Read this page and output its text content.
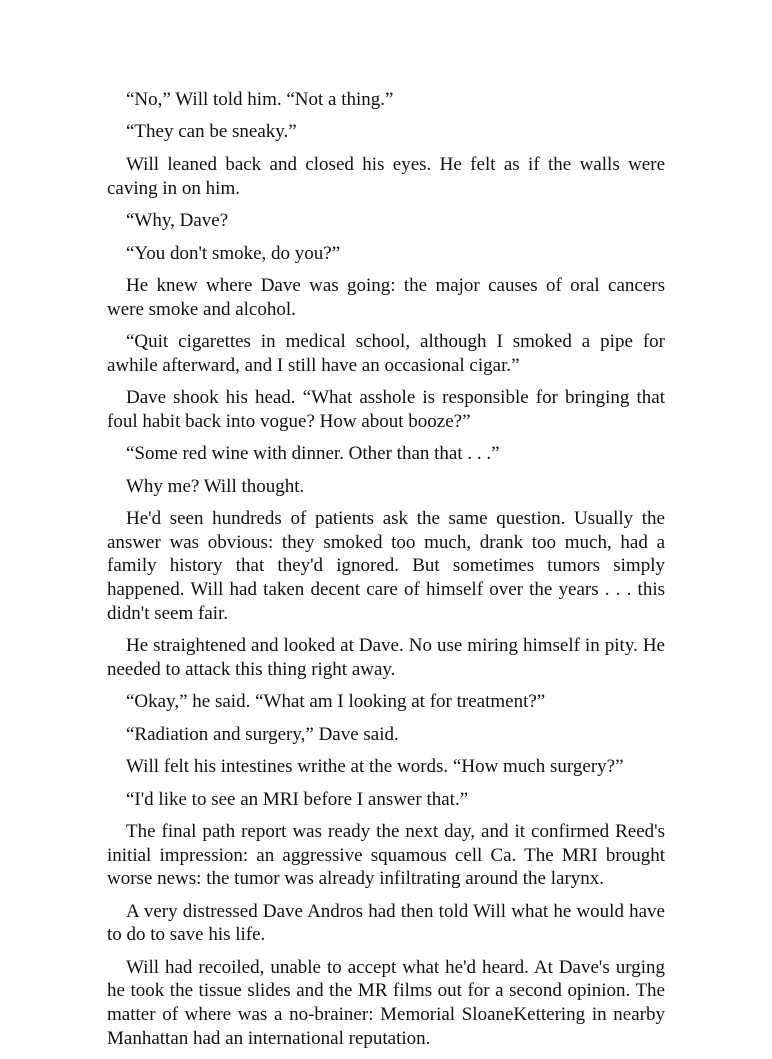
“No,” Will told him. “Not a thing.”

“They can be sneaky.”

Will leaned back and closed his eyes. He felt as if the walls were caving in on him.

“Why, Dave?

“You don't smoke, do you?”

He knew where Dave was going: the major causes of oral cancers were smoke and alcohol.

“Quit cigarettes in medical school, although I smoked a pipe for awhile afterward, and I still have an occasional cigar.”

Dave shook his head. “What asshole is responsible for bringing that foul habit back into vogue? How about booze?”

“Some red wine with dinner. Other than that . . .”

Why me? Will thought.

He'd seen hundreds of patients ask the same question. Usually the answer was obvious: they smoked too much, drank too much, had a family history that they'd ignored. But sometimes tumors simply happened. Will had taken decent care of himself over the years . . . this didn't seem fair.

He straightened and looked at Dave. No use miring himself in pity. He needed to attack this thing right away.

“Okay,” he said. “What am I looking at for treatment?”

“Radiation and surgery,” Dave said.

Will felt his intestines writhe at the words. “How much surgery?”

“I'd like to see an MRI before I answer that.”

The final path report was ready the next day, and it confirmed Reed's initial impression: an aggressive squamous cell Ca. The MRI brought worse news: the tumor was already infiltrating around the larynx.

A very distressed Dave Andros had then told Will what he would have to do to save his life.

Will had recoiled, unable to accept what he'd heard. At Dave's urging he took the tissue slides and the MR films out for a second opinion. The matter of where was a no-brainer: Memorial SloaneKettering in nearby Manhattan had an international reputation.
